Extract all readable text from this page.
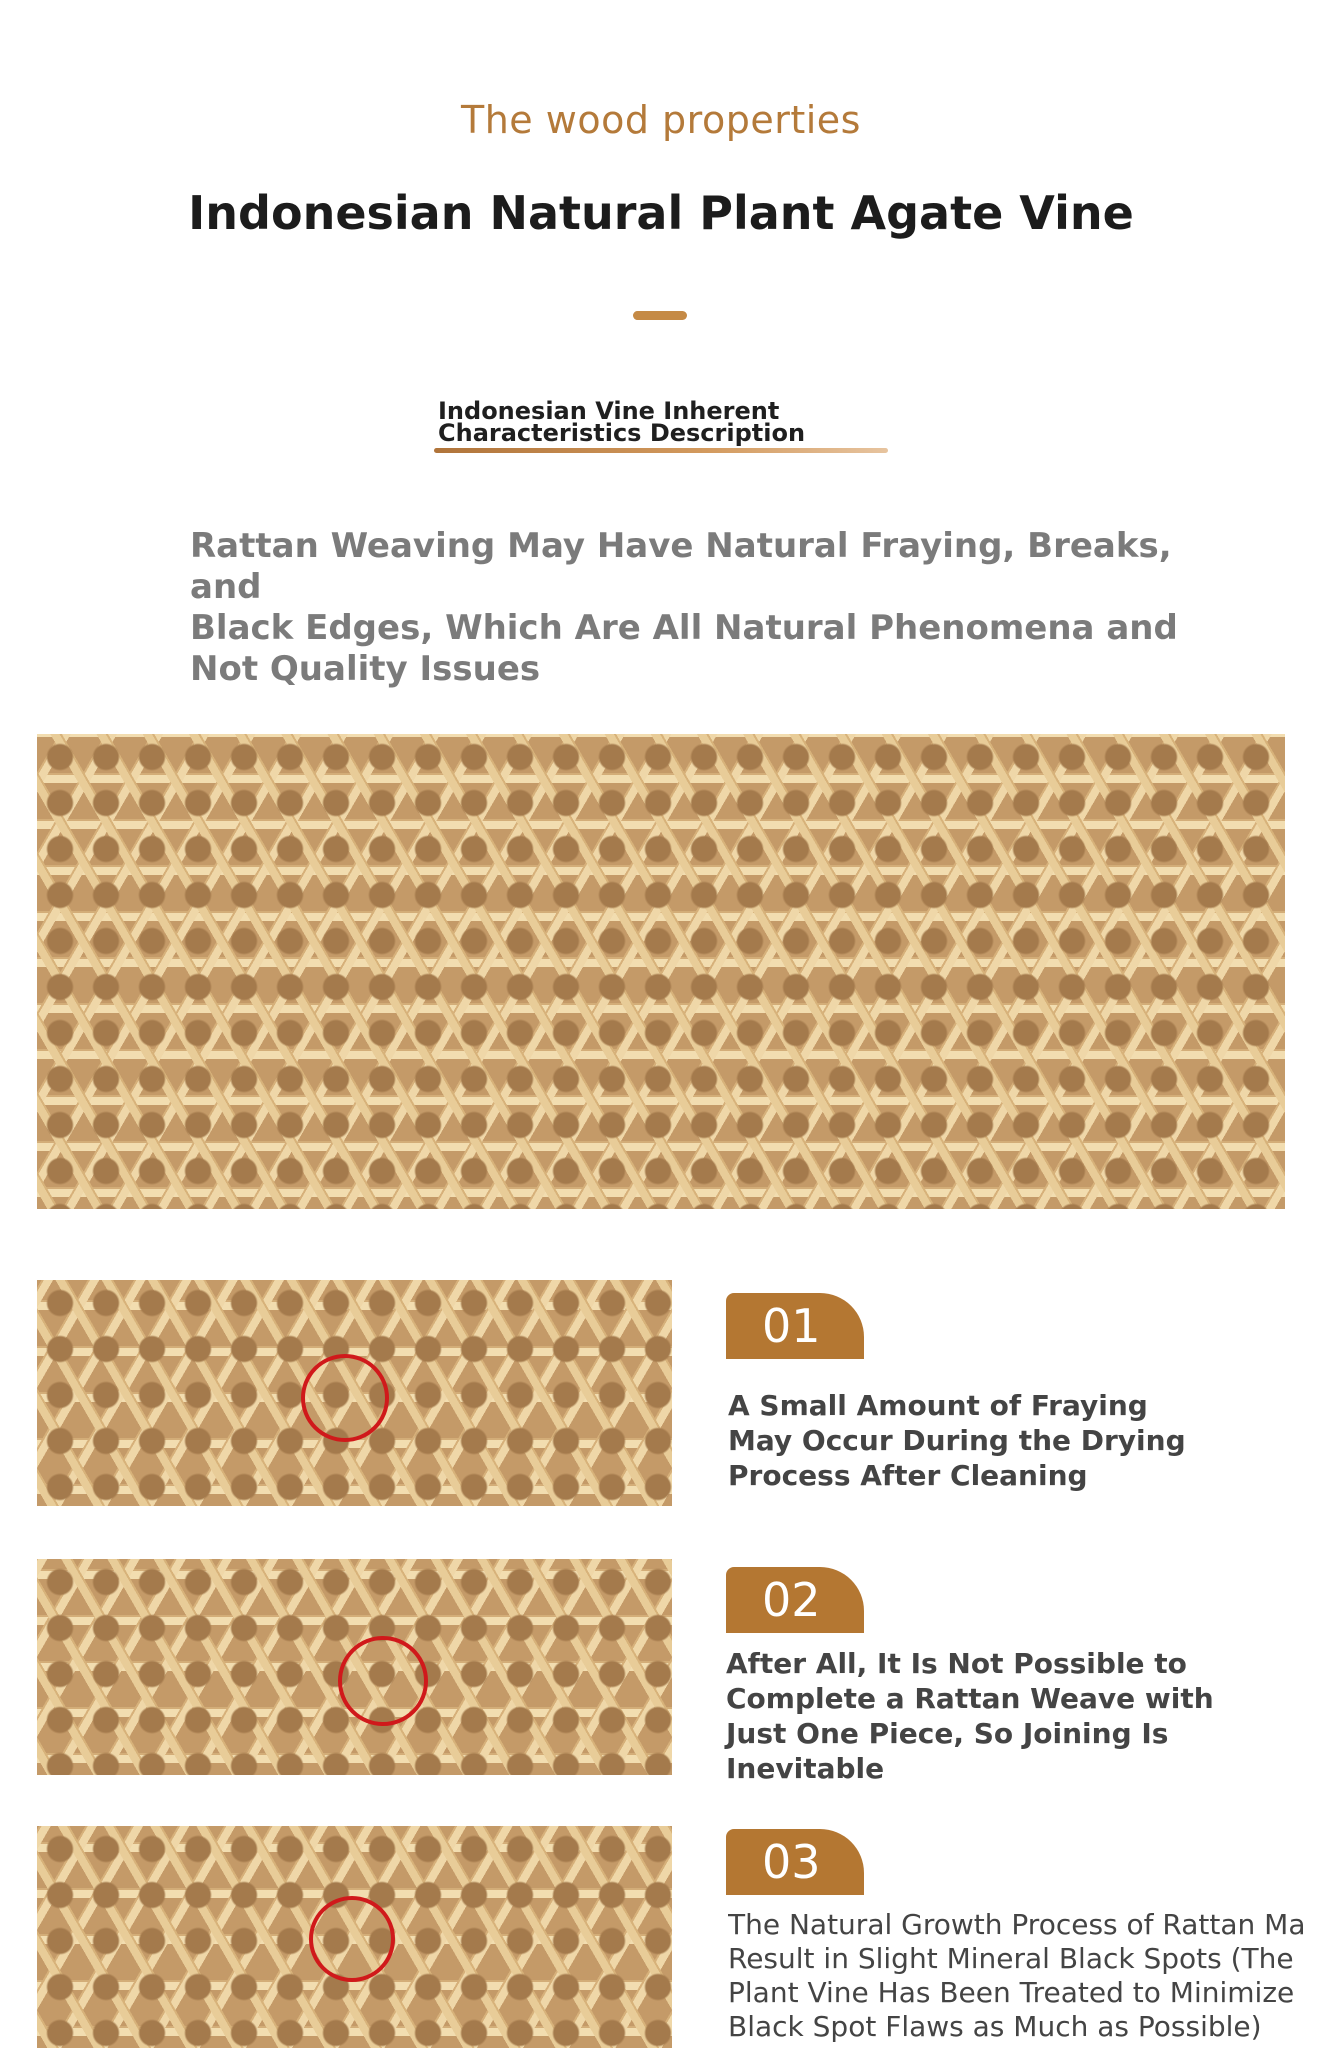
The wood properties
Indonesian Natural Plant Agate Vine
Indonesian Vine Inherent
Characteristics Description
Rattan Weaving May Have Natural Fraying, Breaks, and
Black Edges, Which Are All Natural Phenomena and
Not Quality Issues
01
A Small Amount of Fraying
May Occur During the Drying
Process After Cleaning
02
After All, It Is Not Possible to
Complete a Rattan Weave with
Just One Piece, So Joining Is
Inevitable
03
The Natural Growth Process of Rattan Ma
Result in Slight Mineral Black Spots (The
Plant Vine Has Been Treated to Minimize
Black Spot Flaws as Much as Possible)
